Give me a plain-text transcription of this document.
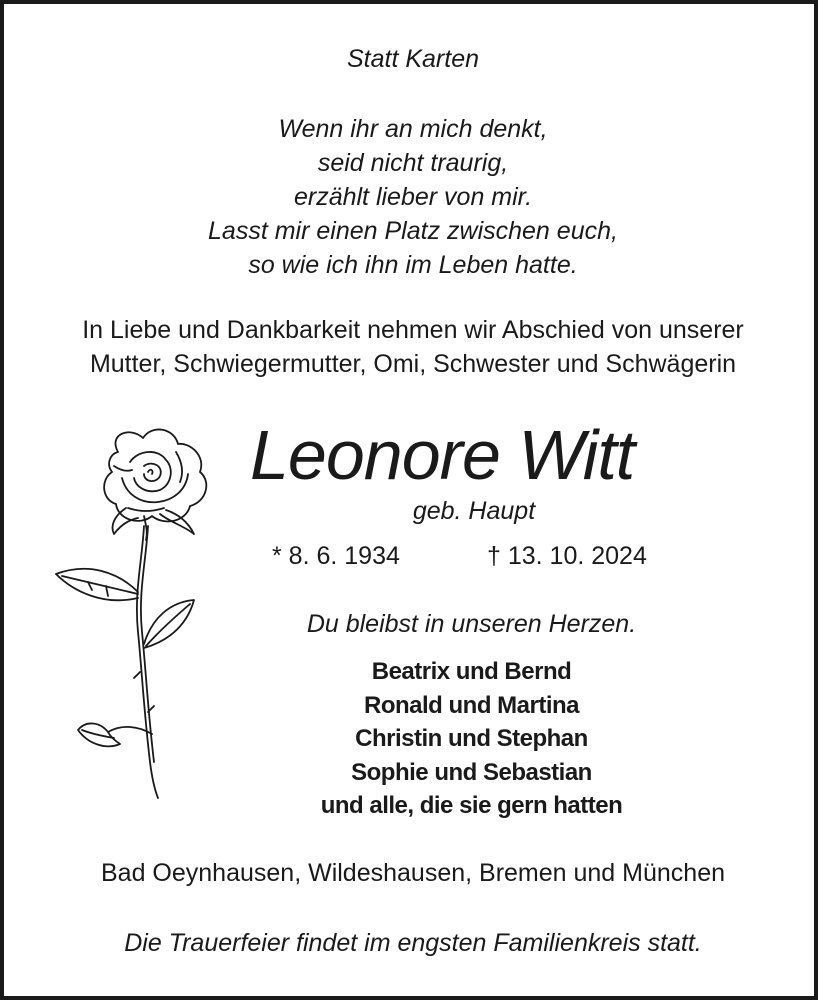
Statt Karten
Wenn ihr an mich denkt,
seid nicht traurig,
erzählt lieber von mir.
Lasst mir einen Platz zwischen euch,
so wie ich ihn im Leben hatte.
In Liebe und Dankbarkeit nehmen wir Abschied von unserer
Mutter, Schwiegermutter, Omi, Schwester und Schwägerin
Leonore Witt
geb. Haupt
* 8. 6. 1934	† 13. 10. 2024
Du bleibst in unseren Herzen.
Beatrix und Bernd
Ronald und Martina
Christin und Stephan
Sophie und Sebastian
und alle, die sie gern hatten
Bad Oeynhausen, Wildeshausen, Bremen und München
Die Trauerfeier findet im engsten Familienkreis statt.
